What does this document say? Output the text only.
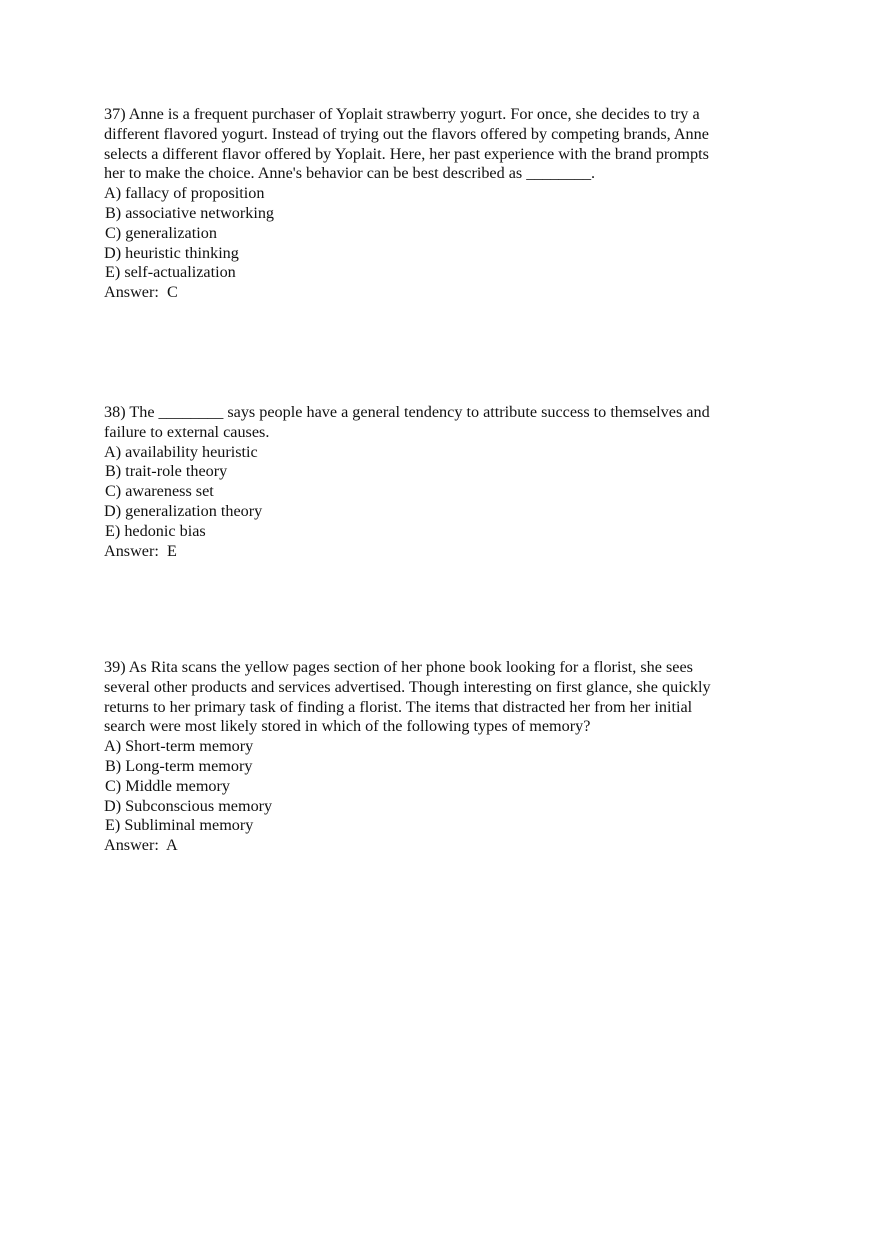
37) Anne is a frequent purchaser of Yoplait strawberry yogurt. For once, she decides to try a
different flavored yogurt. Instead of trying out the flavors offered by competing brands, Anne
selects a different flavor offered by Yoplait. Here, her past experience with the brand prompts
her to make the choice. Anne's behavior can be best described as ________.
A) fallacy of proposition
B) associative networking
C) generalization
D) heuristic thinking
E) self-actualization
Answer:  C
38) The ________ says people have a general tendency to attribute success to themselves and
failure to external causes.
A) availability heuristic
B) trait-role theory
C) awareness set
D) generalization theory
E) hedonic bias
Answer:  E
39) As Rita scans the yellow pages section of her phone book looking for a florist, she sees
several other products and services advertised. Though interesting on first glance, she quickly
returns to her primary task of finding a florist. The items that distracted her from her initial
search were most likely stored in which of the following types of memory?
A) Short-term memory
B) Long-term memory
C) Middle memory
D) Subconscious memory
E) Subliminal memory
Answer:  A
